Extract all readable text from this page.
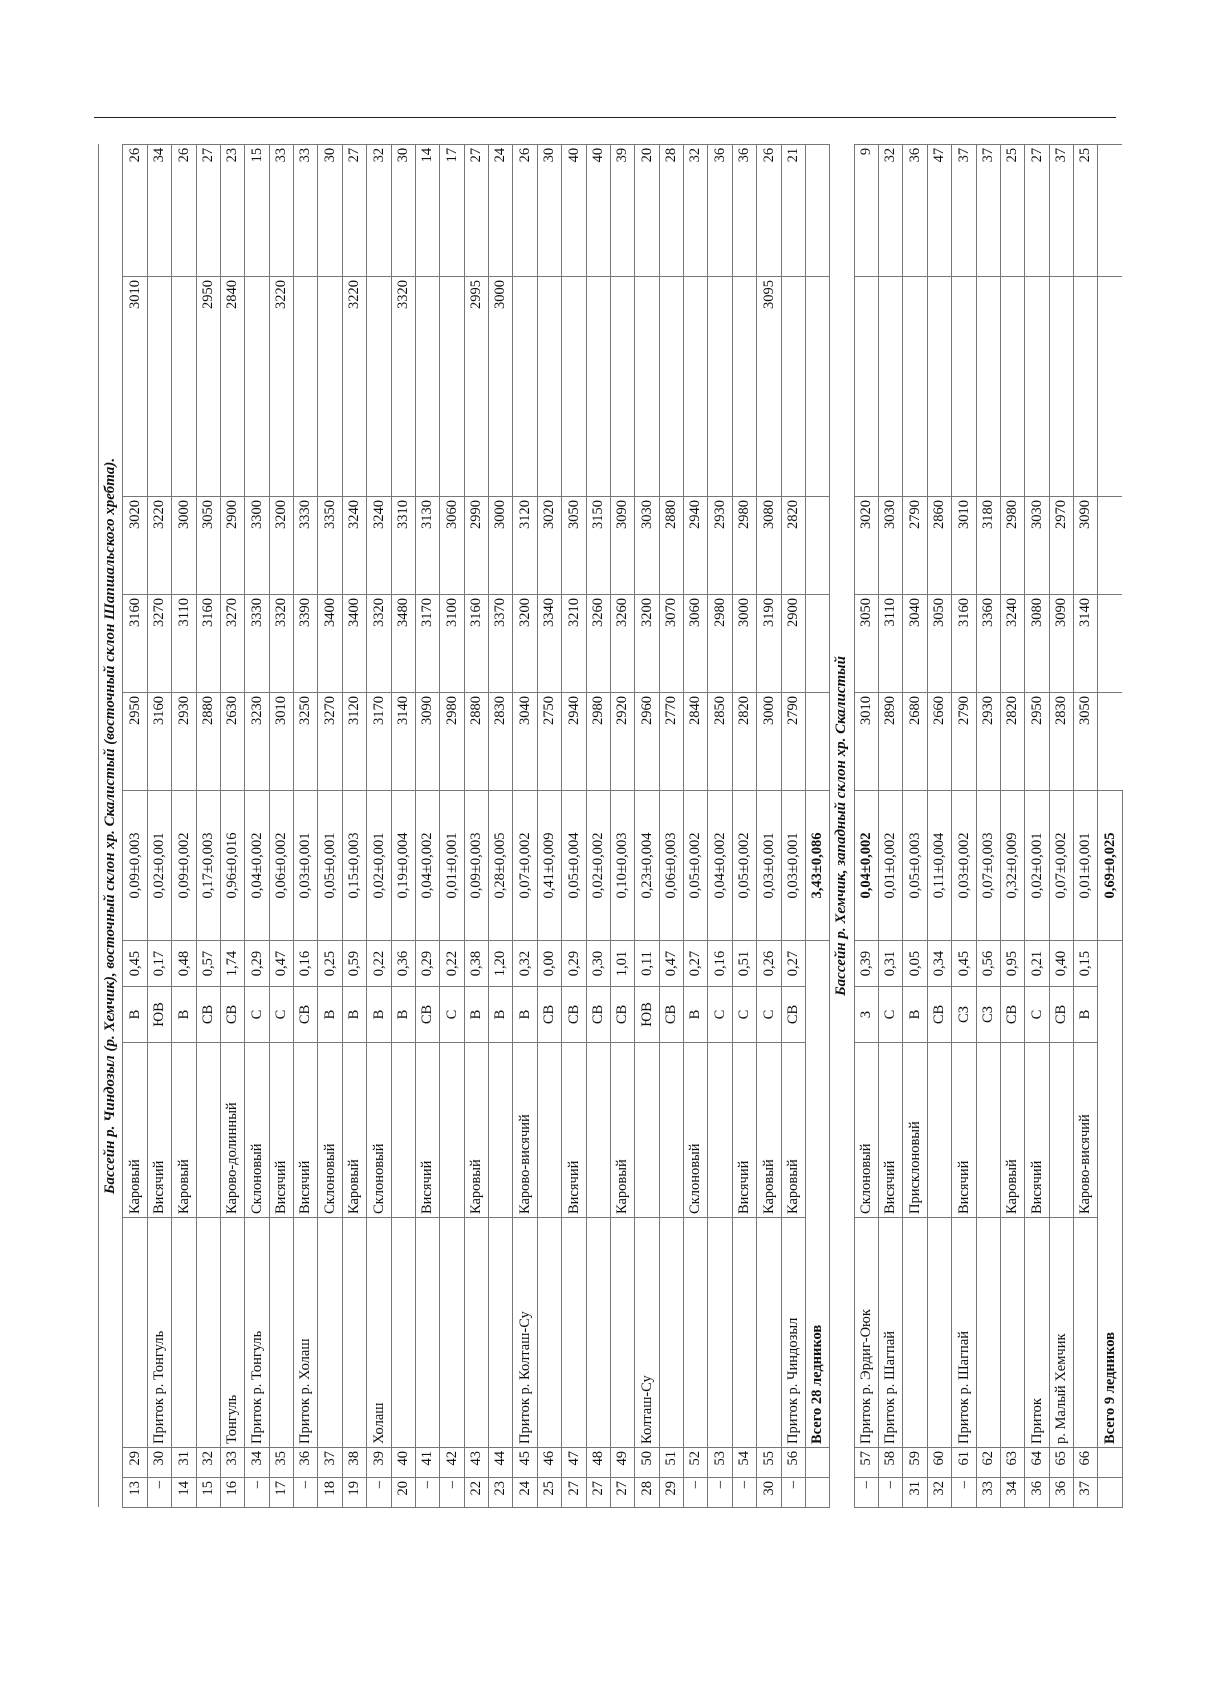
Бассейн р. Чиндозыл (р. Хемчик), восточный склон хр. Скалистый (восточный склон Шапшальского хребта).											
13	29		Каровый	В	0,45	0,09±0,003	2950	3160	3020	3010	26
–	30	Приток р. Тонгуль	Висячий	ЮВ	0,17	0,02±0,001	3160	3270	3220		34
14	31		Каровый	В	0,48	0,09±0,002	2930	3110	3000		26
15	32			СВ	0,57	0,17±0,003	2880	3160	3050	2950	27
16	33	Тонгуль	Карово-долинный	СВ	1,74	0,96±0,016	2630	3270	2900	2840	23
–	34	Приток р. Тонгуль	Склоновый	С	0,29	0,04±0,002	3230	3330	3300		15
17	35		Висячий	С	0,47	0,06±0,002	3010	3320	3200	3220	33
–	36	Приток р. Холаш	Висячий	СВ	0,16	0,03±0,001	3250	3390	3330		33
18	37		Склоновый	В	0,25	0,05±0,001	3270	3400	3350		30
19	38		Каровый	В	0,59	0,15±0,003	3120	3400	3240	3220	27
–	39	Холаш	Склоновый	В	0,22	0,02±0,001	3170	3320	3240		32
20	40			В	0,36	0,19±0,004	3140	3480	3310	3320	30
–	41		Висячий	СВ	0,29	0,04±0,002	3090	3170	3130		14
–	42			С	0,22	0,01±0,001	2980	3100	3060		17
22	43		Каровый	В	0,38	0,09±0,003	2880	3160	2990	2995	27
23	44			В	1,20	0,28±0,005	2830	3370	3000	3000	24
24	45	Приток р. Колташ-Су	Карово-висячий	В	0,32	0,07±0,002	3040	3200	3120		26
25	46			СВ	0,00	0,41±0,009	2750	3340	3020		30
27	47		Висячий	СВ	0,29	0,05±0,004	2940	3210	3050		40
27	48			СВ	0,30	0,02±0,002	2980	3260	3150		40
27	49		Каровый	СВ	1,01	0,10±0,003	2920	3260	3090		39
28	50	Колташ-Су		ЮВ	0,11	0,23±0,004	2960	3200	3030		20
29	51			СВ	0,47	0,06±0,003	2770	3070	2880		28
–	52		Склоновый	В	0,27	0,05±0,002	2840	3060	2940		32
–	53			С	0,16	0,04±0,002	2850	2980	2930		36
–	54		Висячий	С	0,51	0,05±0,002	2820	3000	2980		36
30	55		Каровый	С	0,26	0,03±0,001	3000	3190	3080	3095	26
–	56	Приток р. Чиндозыл	Каровый	СВ	0,27	0,03±0,001	2790	2900	2820		21
		Всего 28 ледников				3,43±0,086					
Бассейн р. Хемчик, западный склон хр. Скалистый											
–	57	Приток р. Эрдиг-Оюк	Склоновый	З	0,39	0,04±0,002	3010	3050	3020		9
–	58	Приток р. Шагпай	Висячий	С	0,31	0,01±0,002	2890	3110	3030		32
31	59		Присклоновый	В	0,05	0,05±0,003	2680	3040	2790		36
32	60			СВ	0,34	0,11±0,004	2660	3050	2860		47
–	61	Приток р. Шагпай	Висячий	СЗ	0,45	0,03±0,002	2790	3160	3010		37
33	62			СЗ	0,56	0,07±0,003	2930	3360	3180		37
34	63		Каровый	СВ	0,95	0,32±0,009	2820	3240	2980		25
36	64	Приток	Висячий	С	0,21	0,02±0,001	2950	3080	3030		27
36	65	р. Малый Хемчик		СВ	0,40	0,07±0,002	2830	3090	2970		37
37	66		Карово-висячий	В	0,15	0,01±0,001	3050	3140	3090		25
		Всего 9 ледников				0,69±0,025					
